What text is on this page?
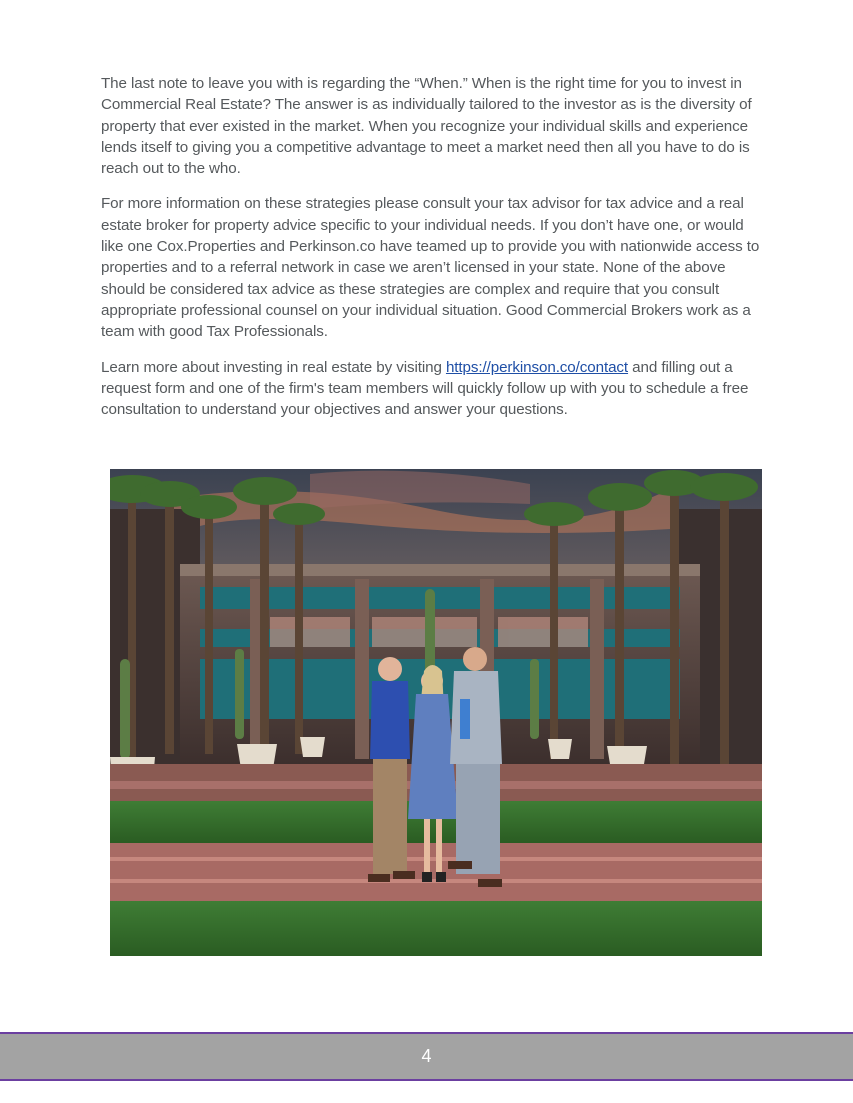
The last note to leave you with is regarding the “When.” When is the right time for you to invest in Commercial Real Estate? The answer is as individually tailored to the investor as is the diversity of property that ever existed in the market. When you recognize your individual skills and experience lends itself to giving you a competitive advantage to meet a market need then all you have to do is reach out to the who.

For more information on these strategies please consult your tax advisor for tax advice and a real estate broker for property advice specific to your individual needs. If you don’t have one, or would like one Cox.Properties and Perkinson.co have teamed up to provide you with nationwide access to properties and to a referral network in case we aren’t licensed in your state. None of the above should be considered tax advice as these strategies are complex and require that you consult appropriate professional counsel on your individual situation. Good Commercial Brokers work as a team with good Tax Professionals.

Learn more about investing in real estate by visiting https://perkinson.co/contact and filling out a request form and one of the firm's team members will quickly follow up with you to schedule a free consultation to understand your objectives and answer your questions.

4
